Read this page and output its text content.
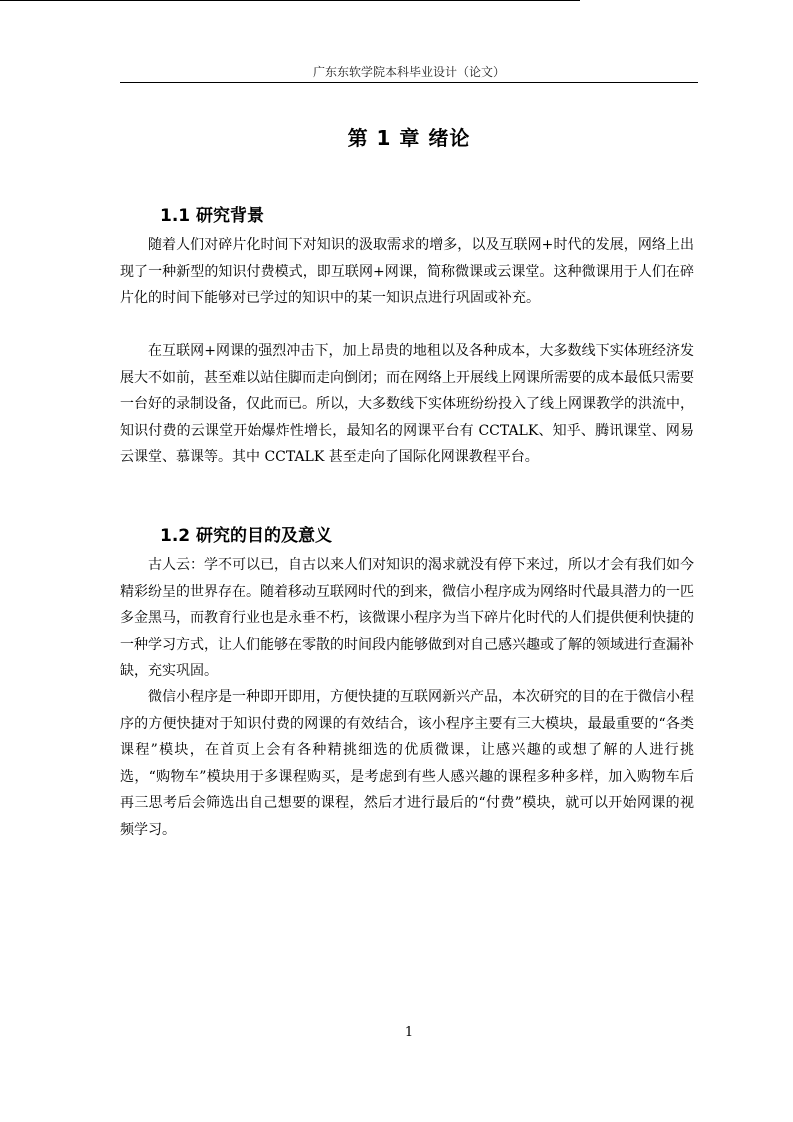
广东东软学院本科毕业设计（论文）
第 1 章 绪论
1.1 研究背景
随着人们对碎片化时间下对知识的汲取需求的增多，以及互联网+时代的发展，网络上出现了一种新型的知识付费模式，即互联网+网课，简称微课或云课堂。这种微课用于人们在碎片化的时间下能够对已学过的知识中的某一知识点进行巩固或补充。
在互联网+网课的强烈冲击下，加上昂贵的地租以及各种成本，大多数线下实体班经济发展大不如前，甚至难以站住脚而走向倒闭；而在网络上开展线上网课所需要的成本最低只需要一台好的录制设备，仅此而已。所以，大多数线下实体班纷纷投入了线上网课教学的洪流中，知识付费的云课堂开始爆炸性增长，最知名的网课平台有 CCTALK、知乎、腾讯课堂、网易云课堂、慕课等。其中 CCTALK 甚至走向了国际化网课教程平台。
1.2 研究的目的及意义
古人云：学不可以已，自古以来人们对知识的渴求就没有停下来过，所以才会有我们如今精彩纷呈的世界存在。随着移动互联网时代的到来，微信小程序成为网络时代最具潜力的一匹多金黑马，而教育行业也是永垂不朽，该微课小程序为当下碎片化时代的人们提供便利快捷的一种学习方式，让人们能够在零散的时间段内能够做到对自己感兴趣或了解的领域进行查漏补缺，充实巩固。
微信小程序是一种即开即用，方便快捷的互联网新兴产品，本次研究的目的在于微信小程序的方便快捷对于知识付费的网课的有效结合，该小程序主要有三大模块，最最重要的“各类课程”模块，在首页上会有各种精挑细选的优质微课，让感兴趣的或想了解的人进行挑选，“购物车”模块用于多课程购买，是考虑到有些人感兴趣的课程多种多样，加入购物车后再三思考后会筛选出自己想要的课程，然后才进行最后的“付费”模块，就可以开始网课的视频学习。
1
